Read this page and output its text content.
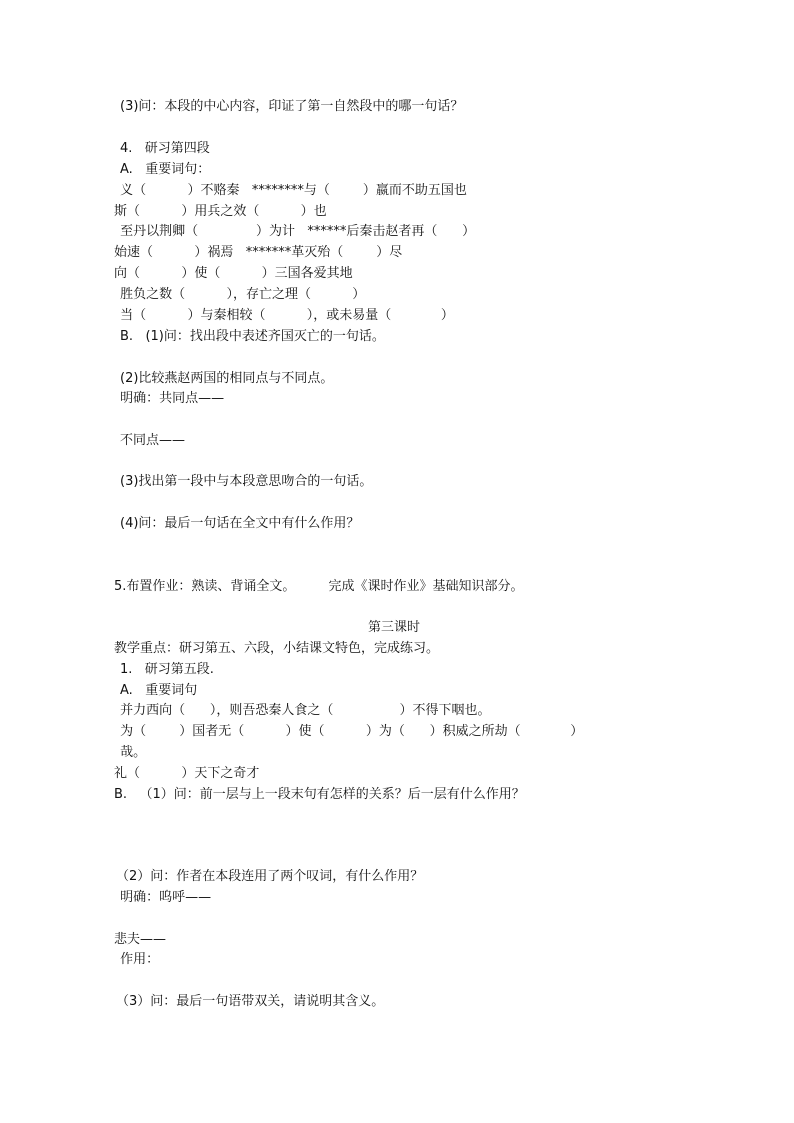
(3)问：本段的中心内容，印证了第一自然段中的哪一句话？
4.   研习第四段
A.   重要词句：
义（          ）不赂秦   ********与（        ）嬴而不助五国也
斯（          ）用兵之效（          ）也
至丹以荆卿（              ）为计   ******后秦击赵者再（      ）
始速（          ）祸焉   *******革灭殆（        ）尽
向（          ）使（          ）三国各爱其地
胜负之数（          ），存亡之理（          ）
当（          ）与秦相较（          ），或未易量（            ）
B.   (1)问：找出段中表述齐国灭亡的一句话。
(2)比较燕赵两国的相同点与不同点。
明确：共同点——
不同点——
(3)找出第一段中与本段意思吻合的一句话。
(4)问：最后一句话在全文中有什么作用？
5.布置作业：熟读、背诵全文。        完成《课时作业》基础知识部分。
第三课时
教学重点：研习第五、六段，小结课文特色，完成练习。
1.   研习第五段.
A.   重要词句
并力西向（      ），则吾恐秦人食之（                ）不得下咽也。
为（        ）国者无（          ）使（          ）为（      ）积威之所劫（            ）
哉。
礼（          ）天下之奇才
B.   （1）问：前一层与上一段末句有怎样的关系？后一层有什么作用？
（2）问：作者在本段连用了两个叹词，有什么作用？
明确：呜呼——
悲夫——
作用：
（3）问：最后一句语带双关，请说明其含义。
